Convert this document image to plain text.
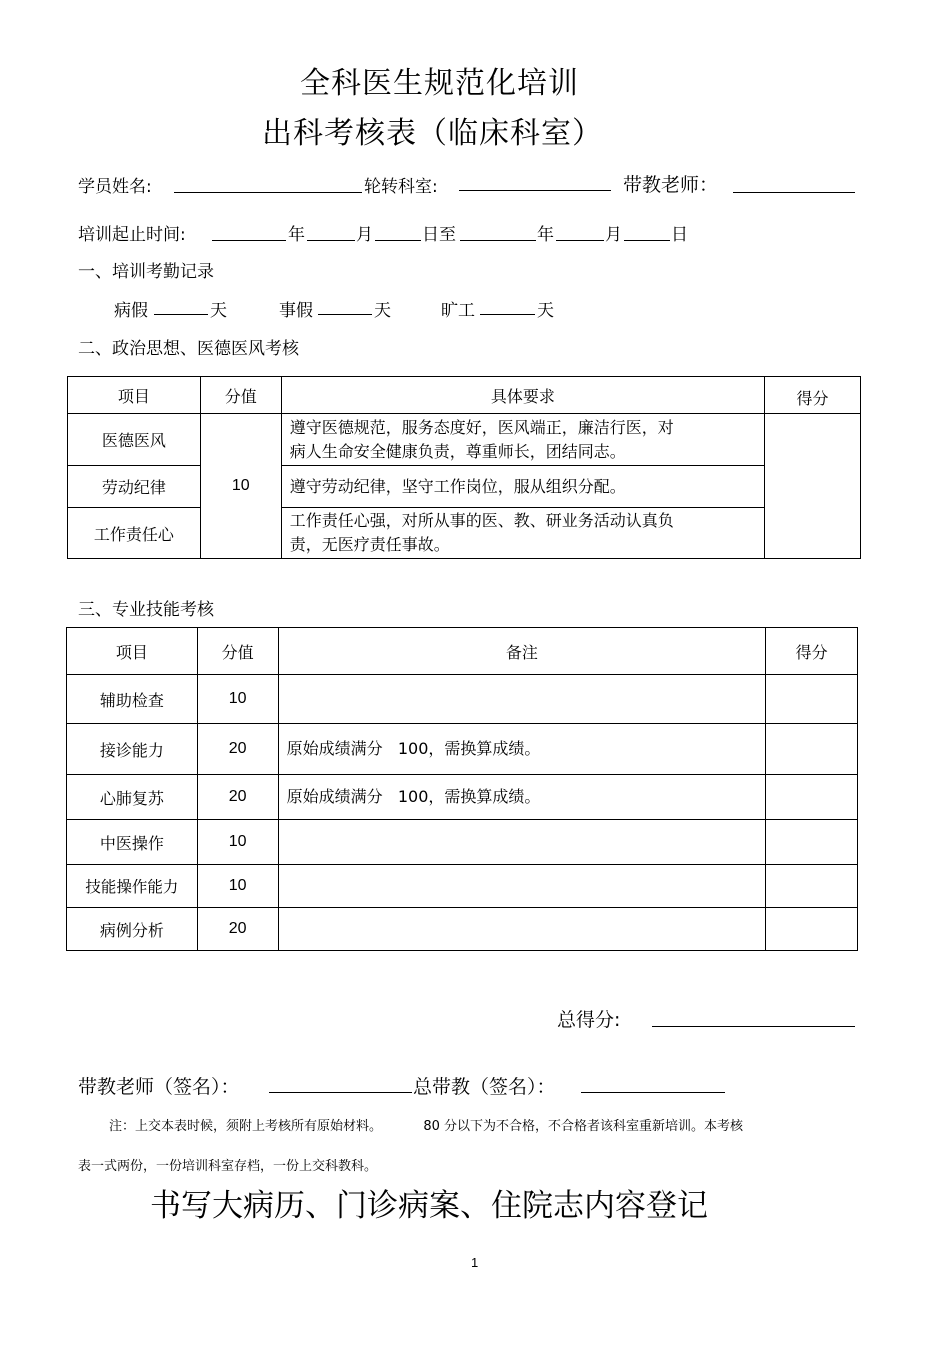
全科医生规范化培训
出科考核表（临床科室）
学员姓名:	轮转科室:	带教老师：
培训起止时间:	年	月	日至	年	月	日
一、培训考勤记录
病假	天	事假	天	旷工	天
二、政治思想、医德医风考核
项目	分值	具体要求	得分
医德医风	10	遵守医德规范，服务态度好，医风端正，廉洁行医，对
病人生命安全健康负责，尊重师长，团结同志。	
劳动纪律		遵守劳动纪律，坚守工作岗位，服从组织分配。	
工作责任心		工作责任心强，对所从事的医、教、研业务活动认真负
责，无医疗责任事故。	
三、专业技能考核
项目	分值	备注	得分
辅助检查	10		
接诊能力	20	原始成绩满分   100，需换算成绩。	
心肺复苏	20	原始成绩满分   100，需换算成绩。	
中医操作	10		
技能操作能力	10		
病例分析	20		
总得分:
带教老师（签名）：	总带教（签名）：
注：上交本表时候，须附上考核所有原始材料。          80 分以下为不合格，不合格者该科室重新培训。本考核
表一式两份，一份培训科室存档，一份上交科教科。
书写大病历、门诊病案、住院志内容登记
1
